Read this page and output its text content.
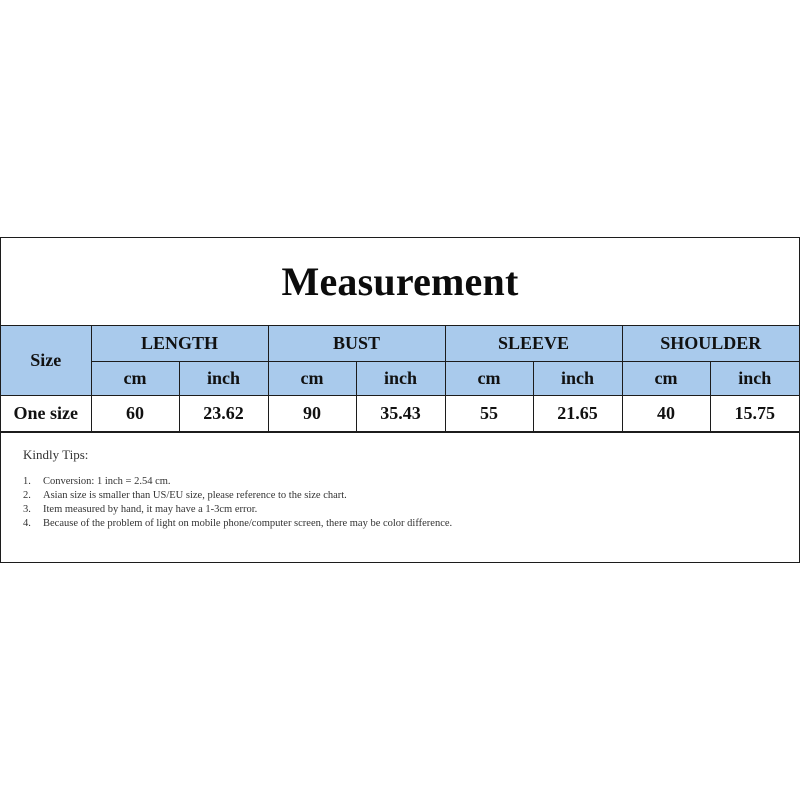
Measurement
Size	LENGTH		BUST		SLEEVE		SHOULDER	
	cm	inch	cm	inch	cm	inch	cm	inch
One size	60	23.62	90	35.43	55	21.65	40	15.75
Kindly Tips:
1.	Conversion: 1 inch = 2.54 cm.
2.	Asian size is smaller than US/EU size, please reference to the size chart.
3.	Item measured by hand, it may have a 1-3cm error.
4.	Because of the problem of light on mobile phone/computer screen, there may be color difference.
